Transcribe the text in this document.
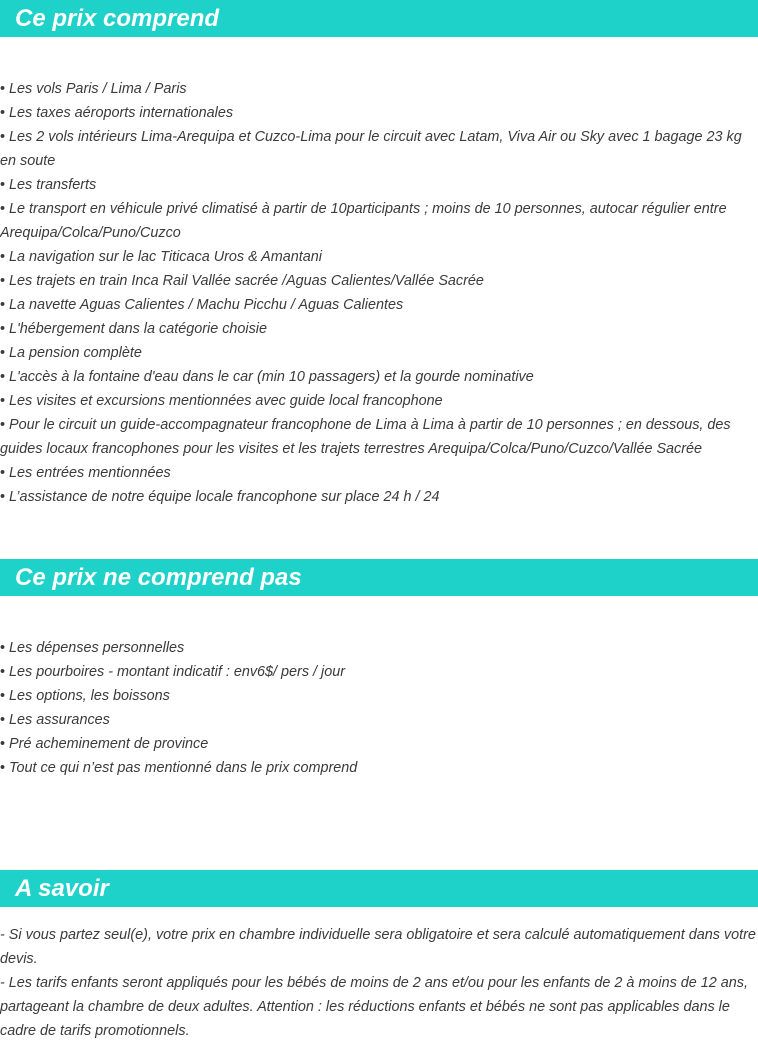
Ce prix comprend
• Les vols Paris / Lima / Paris
• Les taxes aéroports internationales
• Les 2 vols intérieurs Lima-Arequipa et Cuzco-Lima pour le circuit avec Latam, Viva Air ou Sky avec 1 bagage 23 kg en soute
• Les transferts
• Le transport en véhicule privé climatisé à partir de 10participants ; moins de 10 personnes, autocar régulier entre Arequipa/Colca/Puno/Cuzco
• La navigation sur le lac Titicaca Uros & Amantani
• Les trajets en train Inca Rail Vallée sacrée /Aguas Calientes/Vallée Sacrée
• La navette Aguas Calientes / Machu Picchu / Aguas Calientes
• L'hébergement dans la catégorie choisie
• La pension complète
• L'accès à la fontaine d'eau dans le car (min 10 passagers) et la gourde nominative
• Les visites et excursions mentionnées avec guide local francophone
• Pour le circuit un guide-accompagnateur francophone de Lima à Lima à partir de 10 personnes ; en dessous, des guides locaux francophones pour les visites et les trajets terrestres Arequipa/Colca/Puno/Cuzco/Vallée Sacrée
• Les entrées mentionnées
• L’assistance de notre équipe locale francophone sur place 24 h / 24
Ce prix ne comprend pas
• Les dépenses personnelles
• Les pourboires - montant indicatif : env6$/ pers / jour
• Les options, les boissons
• Les assurances
• Pré acheminement de province
• Tout ce qui n’est pas mentionné dans le prix comprend
A savoir
- Si vous partez seul(e), votre prix en chambre individuelle sera obligatoire et sera calculé automatiquement dans votre devis.
- Les tarifs enfants seront appliqués pour les bébés de moins de 2 ans et/ou pour les enfants de 2 à moins de 12 ans, partageant la chambre de deux adultes. Attention : les réductions enfants et bébés ne sont pas applicables dans le cadre de tarifs promotionnels.
